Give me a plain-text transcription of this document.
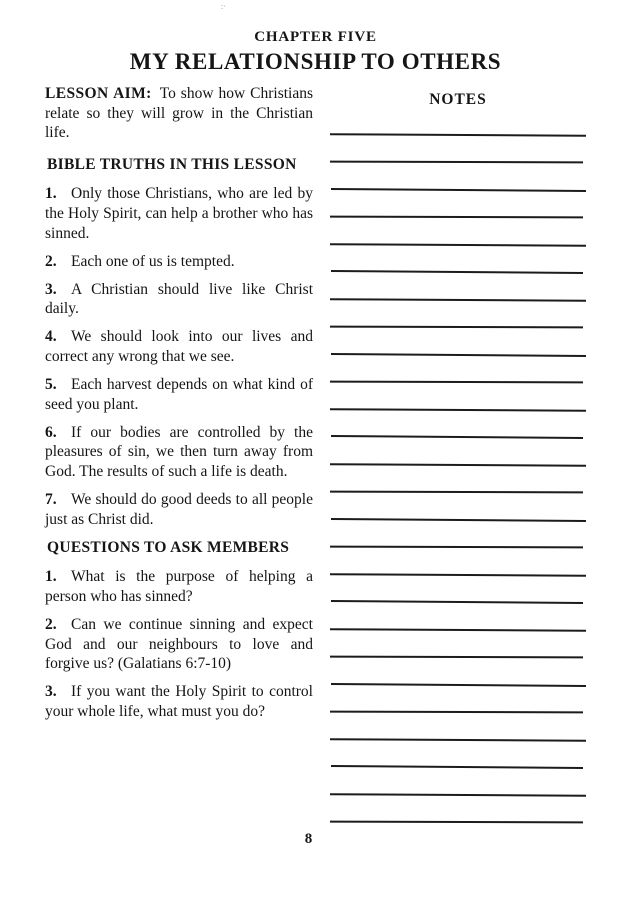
:·
CHAPTER FIVE
MY RELATIONSHIP TO OTHERS

LESSON AIM: To show how Christians relate so they will grow in the Christian life.

BIBLE TRUTHS IN THIS LESSON

1. Only those Christians, who are led by the Holy Spirit, can help a brother who has sinned.

2. Each one of us is tempted.

3. A Christian should live like Christ daily.

4. We should look into our lives and correct any wrong that we see.

5. Each harvest depends on what kind of seed you plant.

6. If our bodies are controlled by the pleasures of sin, we then turn away from God. The results of such a life is death.

7. We should do good deeds to all people just as Christ did.

QUESTIONS TO ASK MEMBERS

1. What is the purpose of helping a person who has sinned?

2. Can we continue sinning and expect God and our neighbours to love and forgive us? (Galatians 6:7-10)

3. If you want the Holy Spirit to control your whole life, what must you do?

NOTES
8
